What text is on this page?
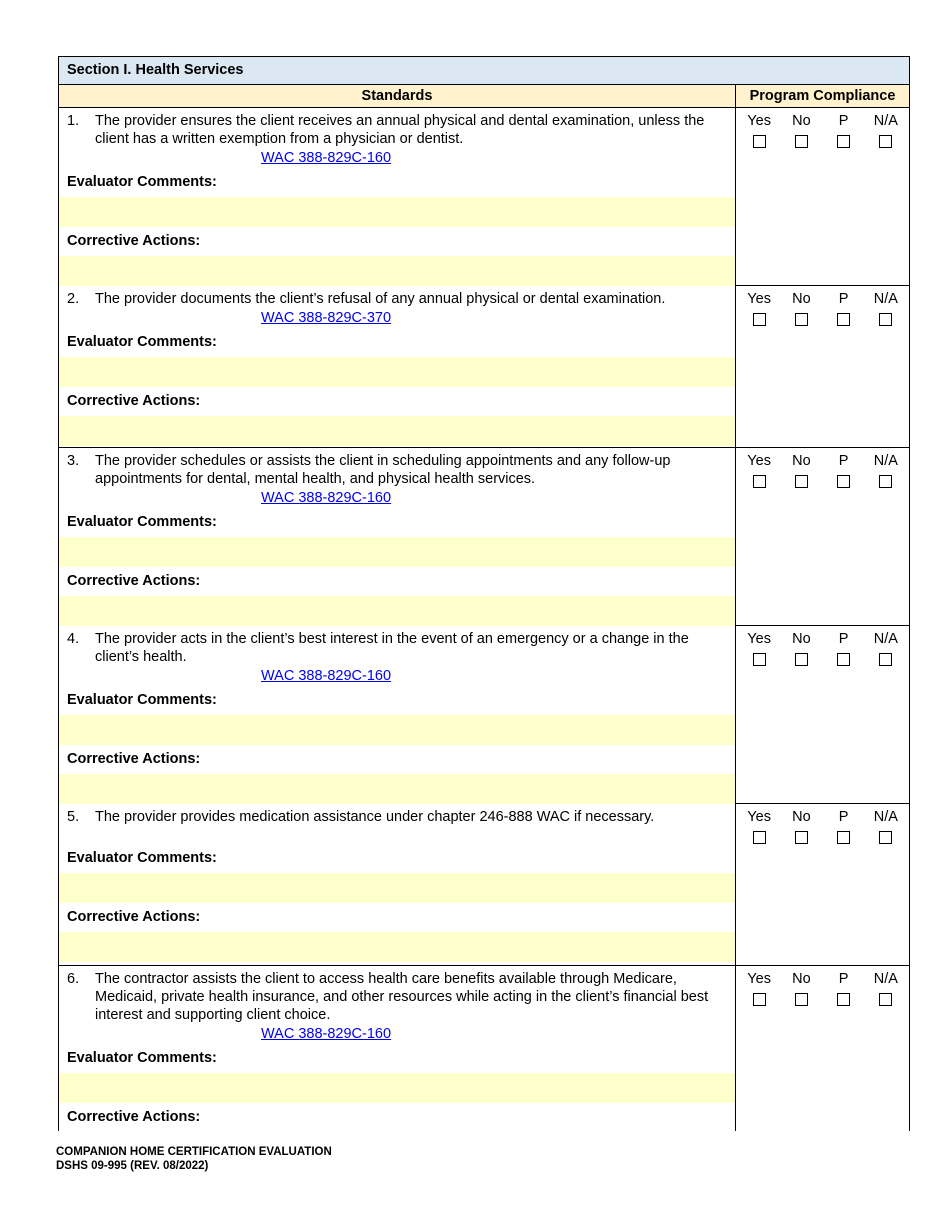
Section I. Health Services
Standards	Program Compliance
1.	The provider ensures the client receives an annual physical and dental examination, unless the client has a written exemption from a physician or dentist.
WAC 388-829C-160
Evaluator Comments:
Corrective Actions:
Yes No P N/A
2.	The provider documents the client’s refusal of any annual physical or dental examination.
WAC 388-829C-370
Evaluator Comments:
Corrective Actions:
Yes No P N/A
3.	The provider schedules or assists the client in scheduling appointments and any follow-up appointments for dental, mental health, and physical health services.
WAC 388-829C-160
Evaluator Comments:
Corrective Actions:
Yes No P N/A
4.	The provider acts in the client’s best interest in the event of an emergency or a change in the client’s health.
WAC 388-829C-160
Evaluator Comments:
Corrective Actions:
Yes No P N/A
5.	The provider provides medication assistance under chapter 246-888 WAC if necessary.
Evaluator Comments:
Corrective Actions:
Yes No P N/A
6.	The contractor assists the client to access health care benefits available through Medicare, Medicaid, private health insurance, and other resources while acting in the client’s financial best interest and supporting client choice.
WAC 388-829C-160
Evaluator Comments:
Corrective Actions:
Yes No P N/A
COMPANION HOME CERTIFICATION EVALUATION
DSHS 09-995 (REV. 08/2022)
